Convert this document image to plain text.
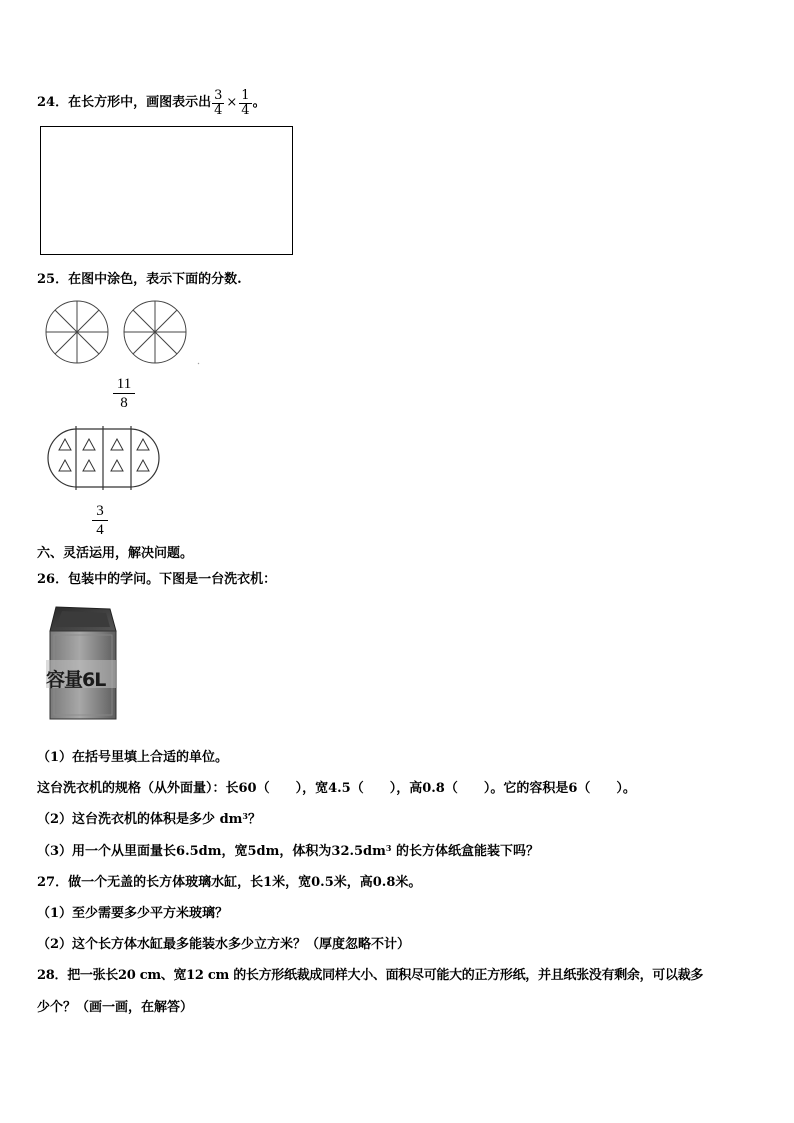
24．在长方形中，画图表示出 $\frac{3}{4} \times \frac{1}{4}$ 。
25．在图中涂色，表示下面的分数.
11
8
3
4
六、灵活运用，解决问题。
26．包装中的学问。下图是一台洗衣机：
容量6L
（1）在括号里填上合适的单位。
这台洗衣机的规格（从外面量）：长60（　　），宽4.5（　　），高0.8（　　）。它的容积是6（　　）。
（2）这台洗衣机的体积是多少 $dm^3$？
（3）用一个从里面量长6.5dm，宽5dm，体积为$32.5dm^3$ 的长方体纸盒能装下吗？
27．做一个无盖的长方体玻璃水缸，长1米，宽0.5米，高0.8米。
（1）至少需要多少平方米玻璃？
（2）这个长方体水缸最多能装水多少立方米？（厚度忽略不计）
28．把一张长20 cm、宽12 cm 的长方形纸裁成同样大小、面积尽可能大的正方形纸，并且纸张没有剩余，可以裁多
少个？（画一画，在解答）
